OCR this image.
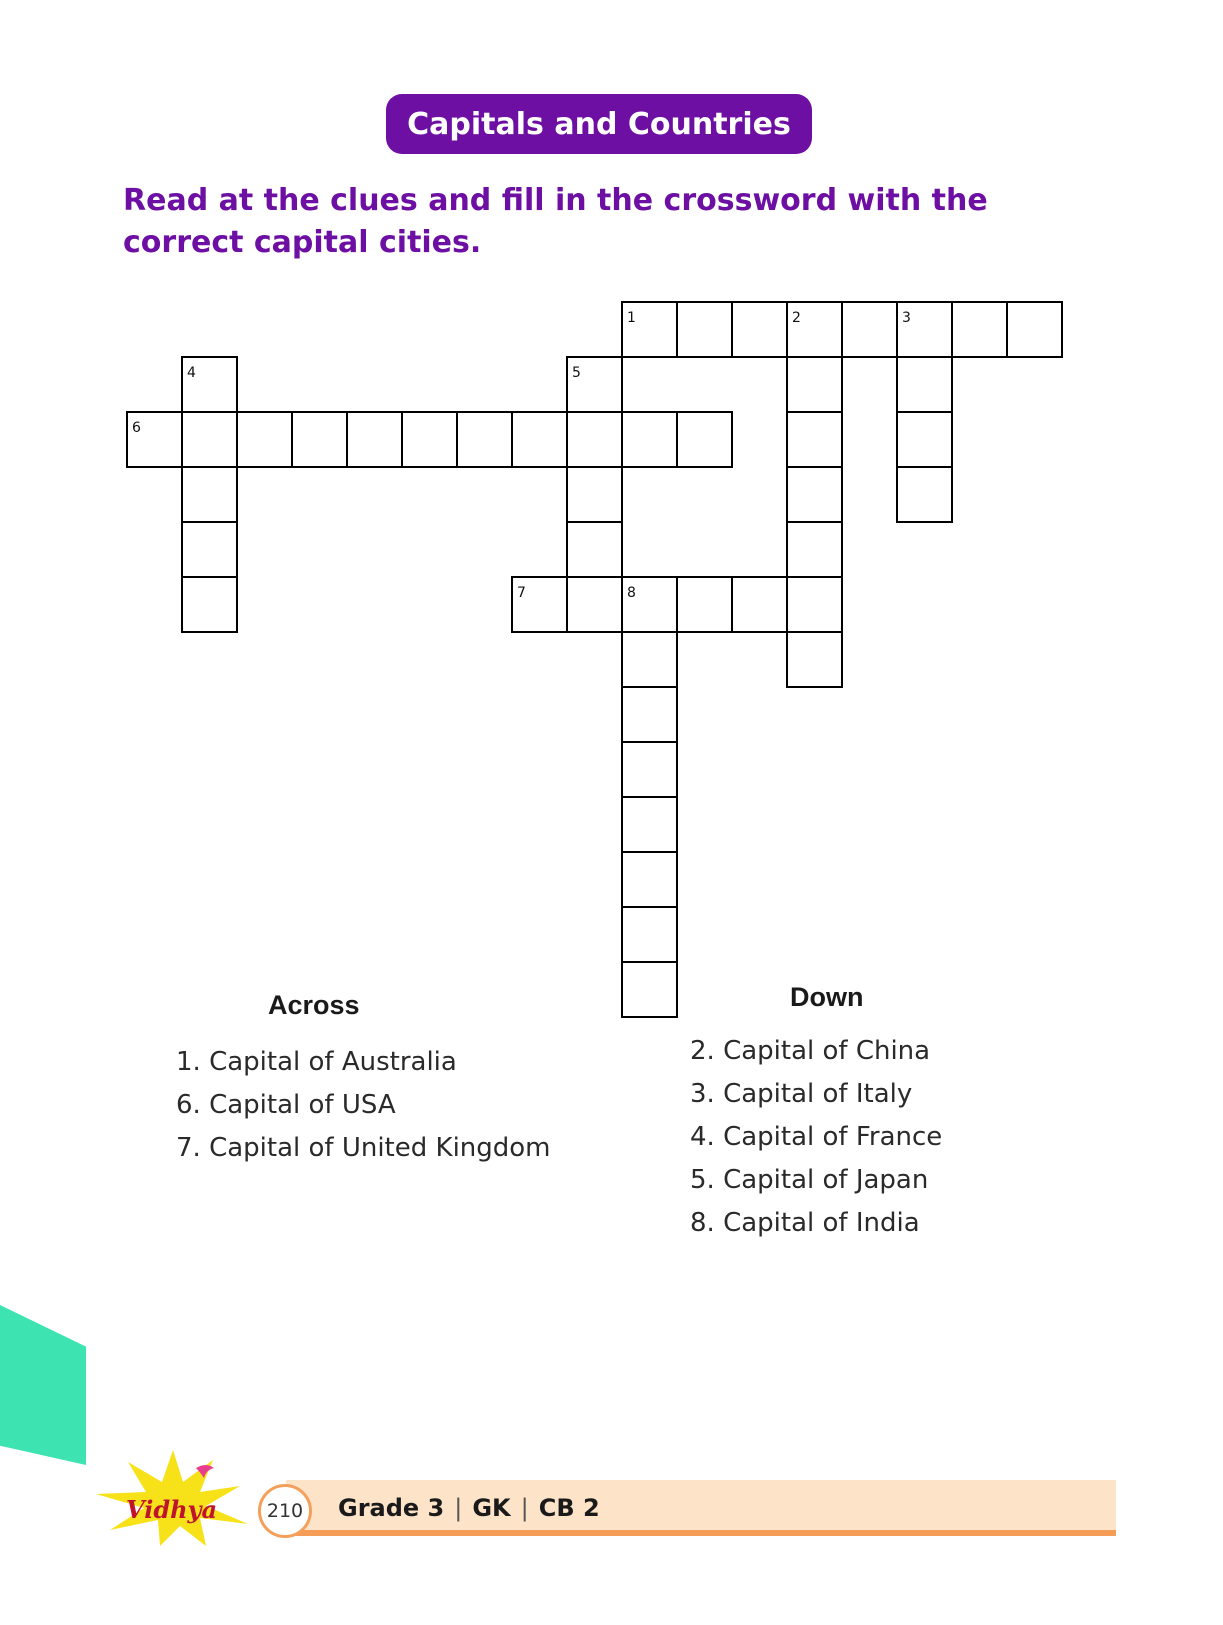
Capitals and Countries

Read at the clues and fill in the crossword with the correct capital cities.

1	2	3
4	5
6
7	8
Across
1. Capital of Australia
6. Capital of USA
7. Capital of United Kingdom
Down
2. Capital of China
3. Capital of Italy
4. Capital of France
5. Capital of Japan
8. Capital of India
210	Grade 3 | GK | CB 2
Vidhya
